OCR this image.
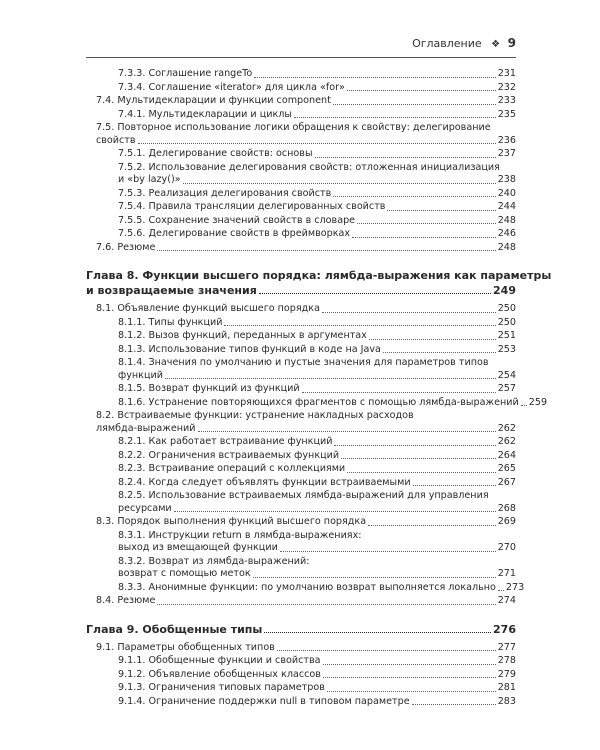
Оглавление ❖ 9
7.3.3. Соглашение rangeTo	231
7.3.4. Соглашение «iterator» для цикла «for»	232
7.4. Мультидекларации и функции component	233
7.4.1. Мультидекларации и циклы	235
7.5. Повторное использование логики обращения к свойству: делегирование
свойств	236
7.5.1. Делегирование свойств: основы	237
7.5.2. Использование делегирования свойств: отложенная инициализация
и «by lazy()»	238
7.5.3. Реализация делегирования свойств	240
7.5.4. Правила трансляции делегированных свойств	244
7.5.5. Сохранение значений свойств в словаре	248
7.5.6. Делегирование свойств в фреймворках	246
7.6. Резюме	248
Глава 8. Функции высшего порядка: лямбда-выражения как параметры
и возвращаемые значения	249
8.1. Объявление функций высшего порядка	250
8.1.1. Типы функций	250
8.1.2. Вызов функций, переданных в аргументах	251
8.1.3. Использование типов функций в коде на Java	253
8.1.4. Значения по умолчанию и пустые значения для параметров типов
функций	254
8.1.5. Возврат функций из функций	257
8.1.6. Устранение повторяющихся фрагментов с помощью лямбда-выражений 259
8.2. Встраиваемые функции: устранение накладных расходов
лямбда-выражений	262
8.2.1. Как работает встраивание функций	262
8.2.2. Ограничения встраиваемых функций	264
8.2.3. Встраивание операций с коллекциями	265
8.2.4. Когда следует объявлять функции встраиваемыми	267
8.2.5. Использование встраиваемых лямбда-выражений для управления
ресурсами	268
8.3. Порядок выполнения функций высшего порядка	269
8.3.1. Инструкции return в лямбда-выражениях:
выход из вмещающей функции	270
8.3.2. Возврат из лямбда-выражений:
возврат с помощью меток	271
8.3.3. Анонимные функции: по умолчанию возврат выполняется локально 273
8.4. Резюме	274
Глава 9. Обобщенные типы	276
9.1. Параметры обобщенных типов	277
9.1.1. Обобщенные функции и свойства	278
9.1.2. Объявление обобщенных классов	279
9.1.3. Ограничения типовых параметров	281
9.1.4. Ограничение поддержки null в типовом параметре	283
